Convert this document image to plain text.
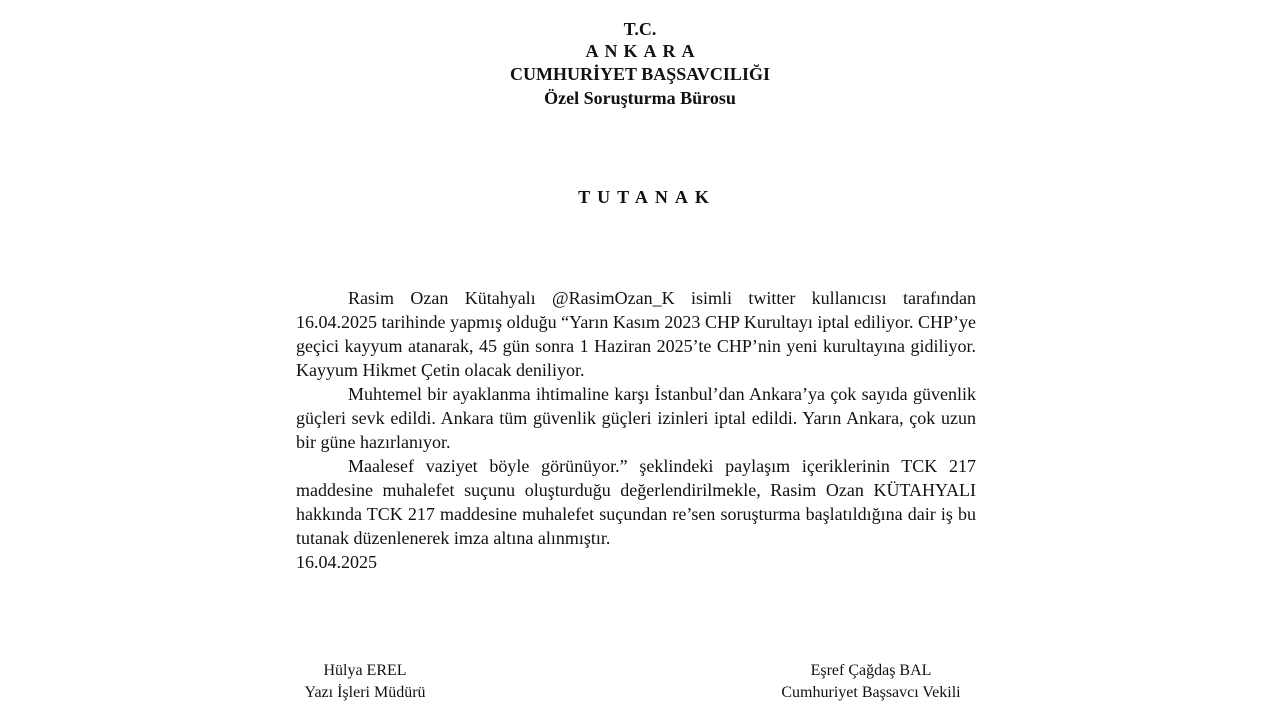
T.C.
ANKARA
CUMHURİYET BAŞSAVCILIĞI
Özel Soruşturma Bürosu
TUTANAK

Rasim Ozan Kütahyalı @RasimOzan_K isimli twitter kullanıcısı tarafından 16.04.2025 tarihinde yapmış olduğu “Yarın Kasım 2023 CHP Kurultayı iptal ediliyor. CHP’ye geçici kayyum atanarak, 45 gün sonra 1 Haziran 2025’te CHP’nin yeni kurultayına gidiliyor. Kayyum Hikmet Çetin olacak deniliyor.

Muhtemel bir ayaklanma ihtimaline karşı İstanbul’dan Ankara’ya çok sayıda güvenlik güçleri sevk edildi. Ankara tüm güvenlik güçleri izinleri iptal edildi. Yarın Ankara, çok uzun bir güne hazırlanıyor.

Maalesef vaziyet böyle görünüyor.” şeklindeki paylaşım içeriklerinin TCK 217 maddesine muhalefet suçunu oluşturduğu değerlendirilmekle, Rasim Ozan KÜTAHYALI hakkında TCK 217 maddesine muhalefet suçundan re’sen soruşturma başlatıldığına dair iş bu tutanak düzenlenerek imza altına alınmıştır.

16.04.2025

Hülya EREL
Yazı İşleri Müdürü
Eşref Çağdaş BAL
Cumhuriyet Başsavcı Vekili
